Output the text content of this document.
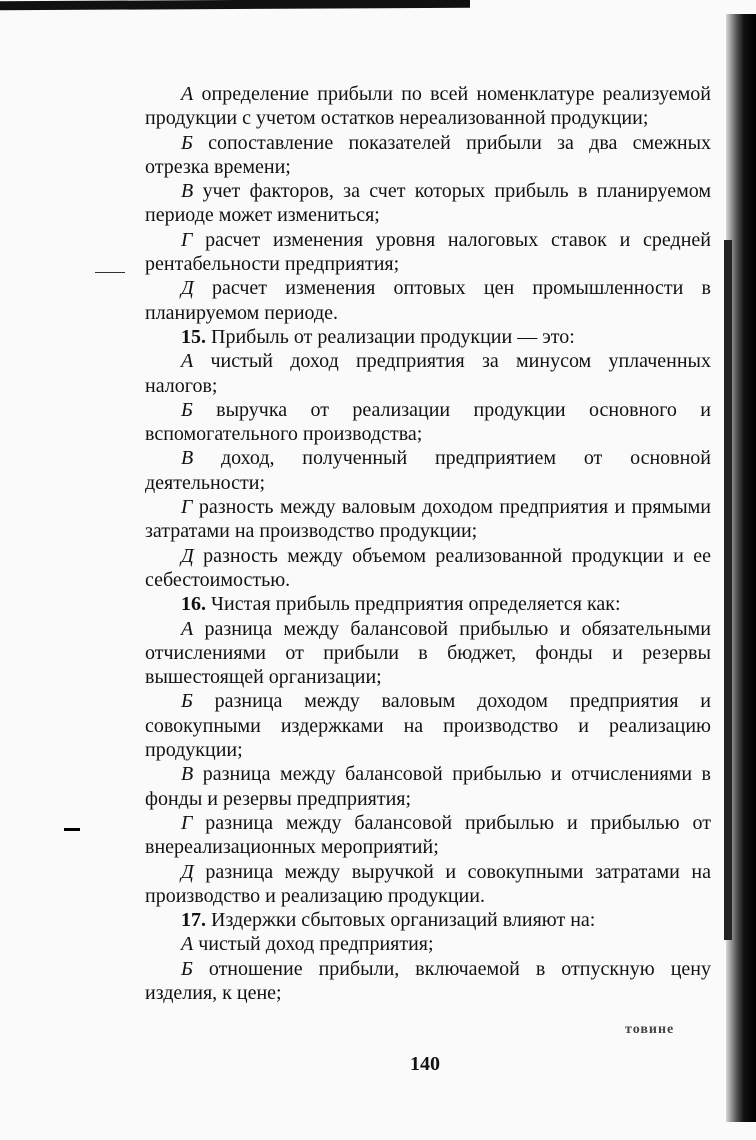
А определение прибыли по всей номенклатуре реализуемой продукции с учетом остатков нереализованной продукции;

Б сопоставление показателей прибыли за два смежных отрезка времени;

В учет факторов, за счет которых прибыль в планируемом периоде может измениться;

Г расчет изменения уровня налоговых ставок и средней рентабельности предприятия;

Д расчет изменения оптовых цен промышленности в планируемом периоде.

15. Прибыль от реализации продукции — это:

А чистый доход предприятия за минусом уплаченных налогов;

Б выручка от реализации продукции основного и вспомогательного производства;

В доход, полученный предприятием от основной деятельности;

Г разность между валовым доходом предприятия и прямыми затратами на производство продукции;

Д разность между объемом реализованной продукции и ее себестоимостью.

16. Чистая прибыль предприятия определяется как:

А разница между балансовой прибылью и обязательными отчислениями от прибыли в бюджет, фонды и резервы вышестоящей организации;

Б разница между валовым доходом предприятия и совокупными издержками на производство и реализацию продукции;

В разница между балансовой прибылью и отчислениями в фонды и резервы предприятия;

Г разница между балансовой прибылью и прибылью от внереализационных мероприятий;

Д разница между выручкой и совокупными затратами на производство и реализацию продукции.

17. Издержки сбытовых организаций влияют на:

А чистый доход предприятия;

Б отношение прибыли, включаемой в отпускную цену изделия, к цене;

товине
140
